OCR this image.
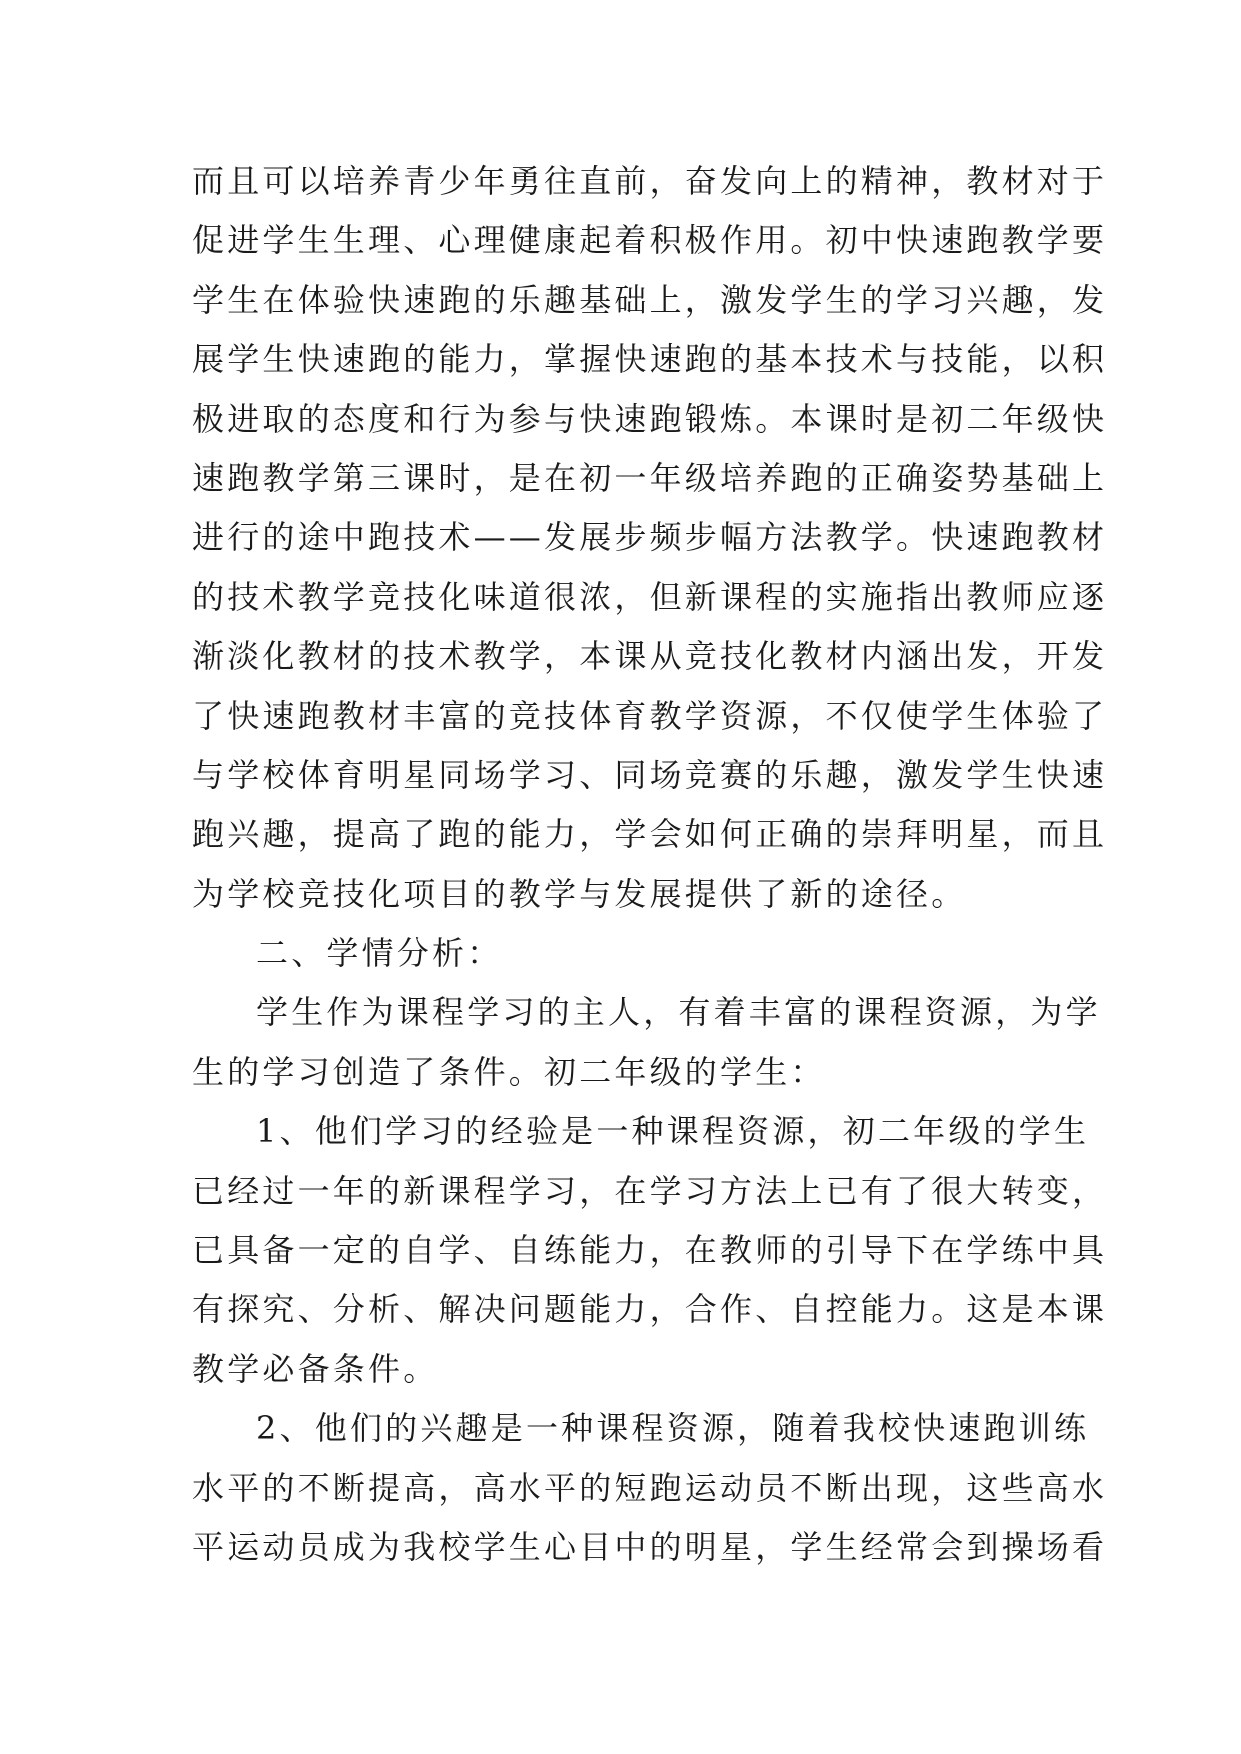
而且可以培养青少年勇往直前，奋发向上的精神，教材对于
促进学生生理、心理健康起着积极作用。初中快速跑教学要
学生在体验快速跑的乐趣基础上，激发学生的学习兴趣，发
展学生快速跑的能力，掌握快速跑的基本技术与技能，以积
极进取的态度和行为参与快速跑锻炼。本课时是初二年级快
速跑教学第三课时，是在初一年级培养跑的正确姿势基础上
进行的途中跑技术——发展步频步幅方法教学。快速跑教材
的技术教学竞技化味道很浓，但新课程的实施指出教师应逐
渐淡化教材的技术教学，本课从竞技化教材内涵出发，开发
了快速跑教材丰富的竞技体育教学资源，不仅使学生体验了
与学校体育明星同场学习、同场竞赛的乐趣，激发学生快速
跑兴趣，提高了跑的能力，学会如何正确的崇拜明星，而且
为学校竞技化项目的教学与发展提供了新的途径。
二、学情分析：
学生作为课程学习的主人，有着丰富的课程资源，为学
生的学习创造了条件。初二年级的学生：
1、他们学习的经验是一种课程资源，初二年级的学生
已经过一年的新课程学习，在学习方法上已有了很大转变，
已具备一定的自学、自练能力，在教师的引导下在学练中具
有探究、分析、解决问题能力，合作、自控能力。这是本课
教学必备条件。
2、他们的兴趣是一种课程资源，随着我校快速跑训练
水平的不断提高，高水平的短跑运动员不断出现，这些高水
平运动员成为我校学生心目中的明星，学生经常会到操场看
